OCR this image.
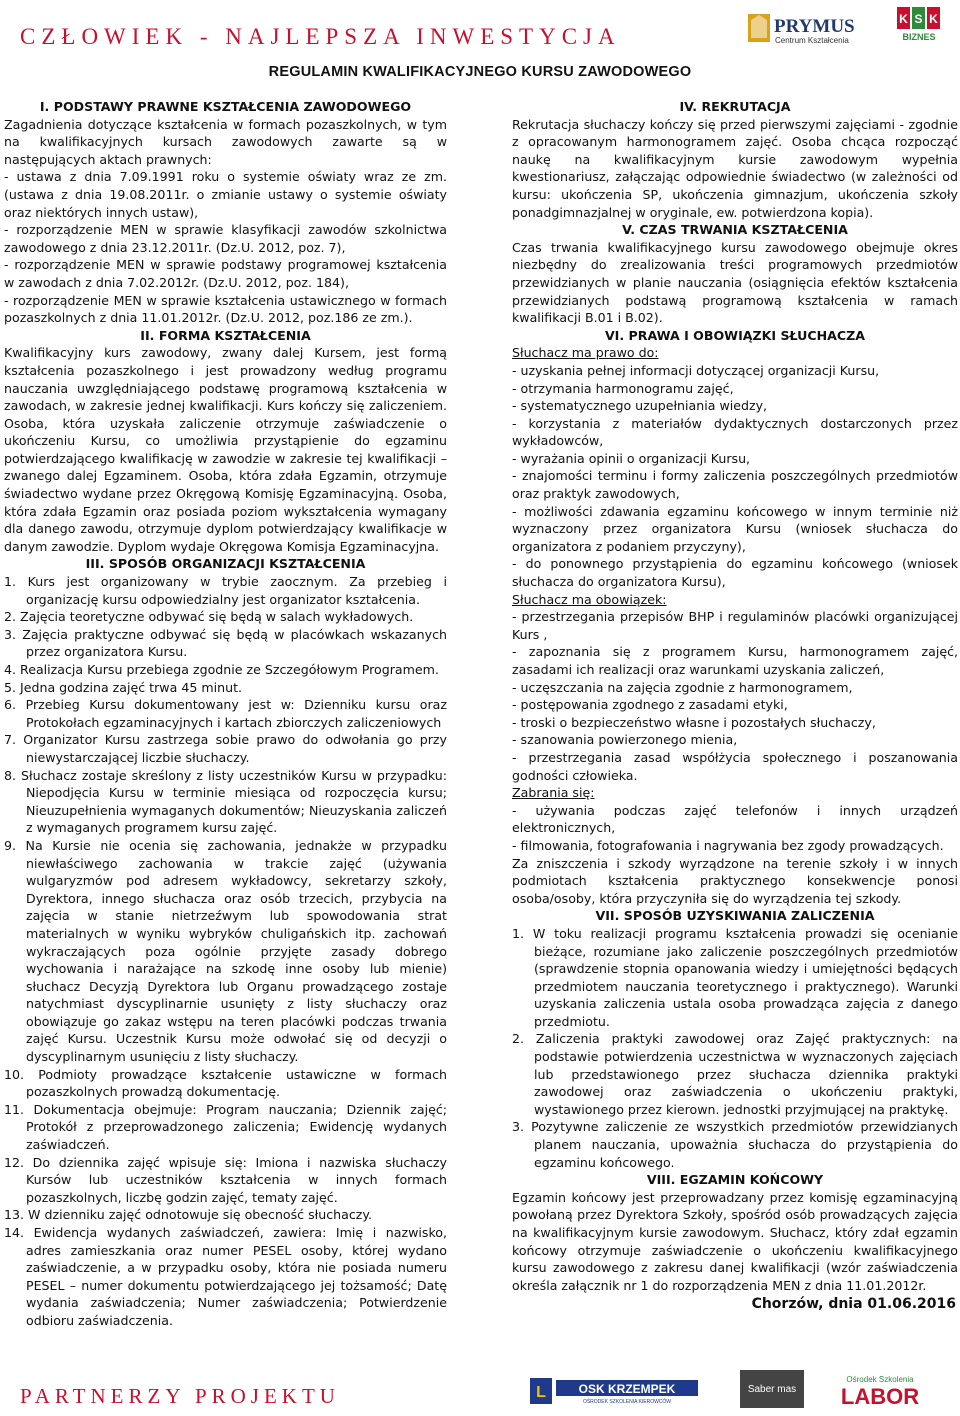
CZŁOWIEK - NAJLEPSZA INWESTYCJA	PRYMUS
Centrum Kształcenia
K S K
BIZNES
REGULAMIN KWALIFIKACYJNEGO KURSU ZAWODOWEGO

I. PODSTAWY PRAWNE KSZTAŁCENIA ZAWODOWEGO

Zagadnienia dotyczące kształcenia w formach pozaszkolnych, w tym na kwalifikacyjnych kursach zawodowych zawarte są w następujących aktach prawnych:

- ustawa z dnia 7.09.1991 roku o systemie oświaty wraz ze zm. (ustawa z dnia 19.08.2011r. o zmianie ustawy o systemie oświaty oraz niektórych innych ustaw),

- rozporządzenie MEN w sprawie klasyfikacji zawodów szkolnictwa zawodowego z dnia 23.12.2011r. (Dz.U. 2012, poz. 7),

- rozporządzenie MEN w sprawie podstawy programowej kształcenia w zawodach z dnia 7.02.2012r. (Dz.U. 2012, poz. 184),

- rozporządzenie MEN w sprawie kształcenia ustawicznego w formach pozaszkolnych z dnia 11.01.2012r. (Dz.U. 2012, poz.186 ze zm.).

II. FORMA KSZTAŁCENIA

Kwalifikacyjny kurs zawodowy, zwany dalej Kursem, jest formą kształcenia pozaszkolnego i jest prowadzony według programu nauczania uwzględniającego podstawę programową kształcenia w zawodach, w zakresie jednej kwalifikacji. Kurs kończy się zaliczeniem. Osoba, która uzyskała zaliczenie otrzymuje zaświadczenie o ukończeniu Kursu, co umożliwia przystąpienie do egzaminu potwierdzającego kwalifikację w zawodzie w zakresie tej kwalifikacji – zwanego dalej Egzaminem. Osoba, która zdała Egzamin, otrzymuje świadectwo wydane przez Okręgową Komisję Egzaminacyjną. Osoba, która zdała Egzamin oraz posiada poziom wykształcenia wymagany dla danego zawodu, otrzymuje dyplom potwierdzający kwalifikacje w danym zawodzie. Dyplom wydaje Okręgowa Komisja Egzaminacyjna.

III. SPOSÓB ORGANIZACJI KSZTAŁCENIA

1. Kurs jest organizowany w trybie zaocznym. Za przebieg i organizację kursu odpowiedzialny jest organizator kształcenia.

2. Zajęcia teoretyczne odbywać się będą w salach wykładowych.

3. Zajęcia praktyczne odbywać się będą w placówkach wskazanych przez organizatora Kursu.

4. Realizacja Kursu przebiega zgodnie ze Szczegółowym Programem.

5. Jedna godzina zajęć trwa 45 minut.

6. Przebieg Kursu dokumentowany jest w: Dzienniku kursu oraz Protokołach egzaminacyjnych i kartach zbiorczych zaliczeniowych

7. Organizator Kursu zastrzega sobie prawo do odwołania go przy niewystarczającej liczbie słuchaczy.

8. Słuchacz zostaje skreślony z listy uczestników Kursu w przypadku: Niepodjęcia Kursu w terminie miesiąca od rozpoczęcia kursu; Nieuzupełnienia wymaganych dokumentów; Nieuzyskania zaliczeń z wymaganych programem kursu zajęć.

9. Na Kursie nie ocenia się zachowania, jednakże w przypadku niewłaściwego zachowania w trakcie zajęć (używania wulgaryzmów pod adresem wykładowcy, sekretarzy szkoły, Dyrektora, innego słuchacza oraz osób trzecich, przybycia na zajęcia w stanie nietrzeźwym lub spowodowania strat materialnych w wyniku wybryków chuligańskich itp. zachowań wykraczających poza ogólnie przyjęte zasady dobrego wychowania i narażające na szkodę inne osoby lub mienie) słuchacz Decyzją Dyrektora lub Organu prowadzącego zostaje natychmiast dyscyplinarnie usunięty z listy słuchaczy oraz obowiązuje go zakaz wstępu na teren placówki podczas trwania zajęć Kursu. Uczestnik Kursu może odwołać się od decyzji o dyscyplinarnym usunięciu z listy słuchaczy.

10. Podmioty prowadzące kształcenie ustawiczne w formach pozaszkolnych prowadzą dokumentację.

11. Dokumentacja obejmuje: Program nauczania; Dziennik zajęć; Protokół z przeprowadzonego zaliczenia; Ewidencję wydanych zaświadczeń.

12. Do dziennika zajęć wpisuje się: Imiona i nazwiska słuchaczy Kursów lub uczestników kształcenia w innych formach pozaszkolnych, liczbę godzin zajęć, tematy zajęć.

13. W dzienniku zajęć odnotowuje się obecność słuchaczy.

14. Ewidencja wydanych zaświadczeń, zawiera: Imię i nazwisko, adres zamieszkania oraz numer PESEL osoby, której wydano zaświadczenie, a w przypadku osoby, która nie posiada numeru PESEL – numer dokumentu potwierdzającego jej tożsamość; Datę wydania zaświadczenia; Numer zaświadczenia; Potwierdzenie odbioru zaświadczenia.

IV. REKRUTACJA

Rekrutacja słuchaczy kończy się przed pierwszymi zajęciami - zgodnie z opracowanym harmonogramem zajęć. Osoba chcąca rozpocząć naukę na kwalifikacyjnym kursie zawodowym wypełnia kwestionariusz, załączając odpowiednie świadectwo (w zależności od kursu: ukończenia SP, ukończenia gimnazjum, ukończenia szkoły ponadgimnazjalnej w oryginale, ew. potwierdzona kopia).

V. CZAS TRWANIA KSZTAŁCENIA

Czas trwania kwalifikacyjnego kursu zawodowego obejmuje okres niezbędny do zrealizowania treści programowych przedmiotów przewidzianych w planie nauczania (osiągnięcia efektów kształcenia przewidzianych podstawą programową kształcenia w ramach kwalifikacji B.01 i B.02).

VI. PRAWA I OBOWIĄZKI SŁUCHACZA

Słuchacz ma prawo do:

- uzyskania pełnej informacji dotyczącej organizacji Kursu,

- otrzymania harmonogramu zajęć,

- systematycznego uzupełniania wiedzy,

- korzystania z materiałów dydaktycznych dostarczonych przez wykładowców,

- wyrażania opinii o organizacji Kursu,

- znajomości terminu i formy zaliczenia poszczególnych przedmiotów oraz praktyk zawodowych,

- możliwości zdawania egzaminu końcowego w innym terminie niż wyznaczony przez organizatora Kursu (wniosek słuchacza do organizatora z podaniem przyczyny),

- do ponownego przystąpienia do egzaminu końcowego (wniosek słuchacza do organizatora Kursu),

Słuchacz ma obowiązek:

- przestrzegania przepisów BHP i regulaminów placówki organizującej Kurs ,

- zapoznania się z programem Kursu, harmonogramem zajęć, zasadami ich realizacji oraz warunkami uzyskania zaliczeń,

- uczęszczania na zajęcia zgodnie z harmonogramem,

- postępowania zgodnego z zasadami etyki,

- troski o bezpieczeństwo własne i pozostałych słuchaczy,

- szanowania powierzonego mienia,

- przestrzegania zasad współżycia społecznego i poszanowania godności człowieka.

Zabrania się:

- używania podczas zajęć telefonów i innych urządzeń elektronicznych,

- filmowania, fotografowania i nagrywania bez zgody prowadzących.

Za zniszczenia i szkody wyrządzone na terenie szkoły i w innych podmiotach kształcenia praktycznego konsekwencje ponosi osoba/osoby, która przyczyniła się do wyrządzenia tej szkody.

VII. SPOSÓB UZYSKIWANIA ZALICZENIA

1. W toku realizacji programu kształcenia prowadzi się ocenianie bieżące, rozumiane jako zaliczenie poszczególnych przedmiotów (sprawdzenie stopnia opanowania wiedzy i umiejętności będących przedmiotem nauczania teoretycznego i praktycznego). Warunki uzyskania zaliczenia ustala osoba prowadząca zajęcia z danego przedmiotu.

2. Zaliczenia praktyki zawodowej oraz Zajęć praktycznych: na podstawie potwierdzenia uczestnictwa w wyznaczonych zajęciach lub przedstawionego przez słuchacza dziennika praktyki zawodowej oraz zaświadczenia o ukończeniu praktyki, wystawionego przez kierown. jednostki przyjmującej na praktykę.

3. Pozytywne zaliczenie ze wszystkich przedmiotów przewidzianych planem nauczania, upoważnia słuchacza do przystąpienia do egzaminu końcowego.

VIII. EGZAMIN KOŃCOWY

Egzamin końcowy jest przeprowadzany przez komisję egzaminacyjną powołaną przez Dyrektora Szkoły, spośród osób prowadzących zajęcia na kwalifikacyjnym kursie zawodowym. Słuchacz, który zdał egzamin końcowy otrzymuje zaświadczenie o ukończeniu kwalifikacyjnego kursu zawodowego z zakresu danej kwalifikacji (wzór zaświadczenia określa załącznik nr 1 do rozporządzenia MEN z dnia 11.01.2012r.

Chorzów, dnia 01.06.2016

PARTNERZY PROJEKTU	L	OSK KRZEMPEK
OŚRODEK SZKOLENIA KIEROWCÓW
Saber mas
Ośrodek Szkolenia
LABOR
